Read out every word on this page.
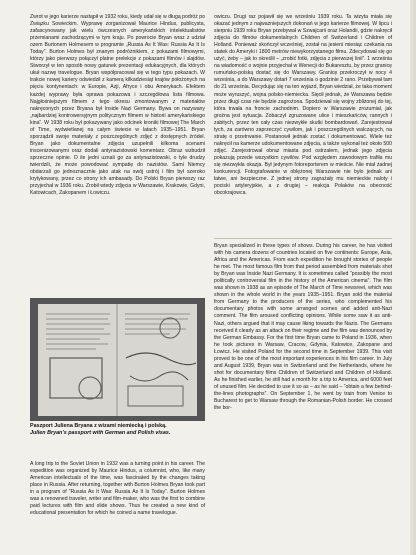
Zwrot w jego karierze nastąpił w 1932 roku, kiedy udał się w długą podróż po Związku Sowieckim. Wyprawę zorganizował Maurice Hindus, publicysta, zafascynowany jak wielu ówczesnych amerykańskich intelektualistów przemianami zachodzącymi w tym kraju. Po powrocie Bryan wraz z udział ozem Burtonem Holmesem w programie „Russia As It Was: Russia As It Is Today”. Burton Holmes był znanym podróżnikiem, z pokazami filmowymi, którzy jako pierwszy połączył platne prelekcje z pokazami filmów i slajdów. Stworzył w ten sposób nowy gatunek prezentacji edukacyjnych, dla których ukuł nazwę travelogue. Bryan współpracował się w tego typu pokazach. W trakcie nowej kariery odwiedził z kamerą kilkadziesiąt krajów położonych na pięciu kontynentach: w Europie, Azji, Afryce i obu Amerykach. Efektem każdej wyprawy była oprawa pokazowa i szczegółowa lista filmowa. Najgłośniejszym filmem z tego okresu zmontowanym z materiałów nakręconych przez Bryana był Inside Nazi Germany. Bywa on nazywany „najbardziej kontrowersyjnym politycznym filmem w historii amerykańskiego kina”. W 1938 roku był pokazywany jako odcinek kroniki filmowej The March of Time, wyświetlanej na całym świecie w latach 1935–1951. Bryan sporządził swoje materiały z poszczególnych zdjęć z dostępnych źródeł. Bryan jako dokumentalne zdjęcia uzupełnili kilkoma scenami inscenizowanymi oraz dodali antynazistowski komentarz. Obraz wzbudził sprzeczne opinie. O ile jedni uznali go za antynazistowski, o tyle drudzy twierdzili, że może powodować sympatię do nazistów. Sami Niemcy obdarzali go jednoznacznie jako atak na swój ustrój i film był szeroko krytykowany, przez co strony ich ambasady. Do Polski Bryan pierwszy raz przyjechał w 1936 roku. Zrobił wtedy zdjęcia w Warszawie, Krakowie, Gdyni, Katowicach, Zakopanem i Łowiczu.

owiczu. Drugi raz pojawił się we wrześniu 1939 roku. Ta wizyta miała się okazać jednym z najważniejszych dokonań w jego karierze filmowej. W lipcu i sierpniu 1939 roku Bryan przebywał w Szwajcarii oraz Holandii, gdzie nakręcił zdjęcia do filmów dokumentalnych Children of Switzerland i Children of Holland. Ponieważ skończył wcześniej, został na jesieni miesiąc czekania na statek do Ameryki i 1800 metrów niewykorzystanego filmu. Zdecydował się go użyć, żeby – jak to określił – „zrobić fotki, zdjęcia z pierwszej linii”. 1 września na wiadomość o wojnie przyjechał w Wenecji do Bukaresztu, by przez granicę rumuńsko-polską dostać się do Warszawy. Granicę przekroczył w nocy 4 września, a do Warszawy dotarł 7 września o godzinie 2 rano. Przebywał tam do 21 września. Decydując się na ten wyjazd, Bryan wiedział, że taka moment może wyruszyć, wojna polsko-niemiecka. Sięcił jednak, że Warszawa będzie przez długi czas nie będzie zagrożona. Spodziewał się wojny zbliżonej do tej, która trwała na froncie zachodnim. Dopiero w Warszawie zrozumiał, jak groźna jest sytuacja. Zobaczył zgruzowane ulice i mieszkańców, rannych i zabitych, przez ten cały czas niezwykłe skutki bombardowań. Zarejestrował tych, za zarówno zaprzeczyć cywilom, jak i poszczególnych walczących, na stratę o przetrwanie. Postanowił jednak zostać i dokumentować. Wiele też nakręcił na kamerze udokumentowane zdjęcia, a także wykonał też około 500 zdjęć. Zarejestrował obraz miasta pod ostrzałem, jednak jego zdjęcia pokazują przede wszystkim cywilów. Pod względem zawodowym trafiła mu się niezwykła okazja. Był jedynym fotoreporterem w mieście. Nie miał żadnej konkurencji. Fotografowanie w oblężonej Warszawie nie było jednak ani łatwe, ani bezpieczne. Z jednej strony zagrażały mu niemieckie naloty i pociski artyleryjskie, a z drugiej – reakcja Polaków na obecność obcokrajowca.

Paszport Juliena Bryana z wizami niemiecką i polską.
Julien Bryan’s passport with German and Polish visas.

A long trip to the Soviet Union in 1932 was a turning point in his career. The expedition was organized by Maurice Hindus, a columnist, who, like many American intellectuals of the time, was fascinated by the changes taking place in Russia. After returning, together with Burton Holmes Bryan took part in a program of “Russia As It Was: Russia As It Is Today”. Burton Holmes was a renowned traveler, writer and film-maker, who was the first to combine paid lectures with film and slide shows. Thus he created a new kind of educational presentation for which he coined a name travelogue.

Bryan specialized in these types of shows. During his career, he has visited with his camera dozens of countries located on five continents: Europe, Asia, Africa and the Americas. From each expedition he brought stories of people he met. The most famous film from that period assembled from materials shot by Bryan was Inside Nazi Germany. It is sometimes called “possibly the most politically controversial film in the history of the American cinema”. The film was shown in 1938 as an episode of The March of Time newsreel, which was shown in the whole world in the years 1935–1951. Bryan sold the material from Germany to the producers of the series, who complemented his documentary photos with some arranged scenes and added anti-Nazi comment. The film aroused conflicting opinions. While some saw it as anti-Nazi, others argued that it may cause liking towards the Nazis. The Germans received it clearly as an attack on their regime and the film was denounced by the German Embassy. For the first time Bryan came to Poland in 1936, when he took pictures in Warsaw, Cracow, Gdynia, Katowice, Zakopane and Łowicz. He visited Poland for the second time in September 1939. This visit proved to be one of the most important experiences in his film career. In July and August 1939, Bryan was in Switzerland and the Netherlands, where he shot for documentary films Children of Switzerland and Children of Holland. As he finished earlier, he still had a month for a trip to America, and 6000 feet of unused film. He decided to use it so as – as he said – “obtain a few behind-the-lines photographs”. On September 1, he went by train from Venice to Bucharest to get to Warsaw through the Romanian-Polish border. He crossed the bor-
